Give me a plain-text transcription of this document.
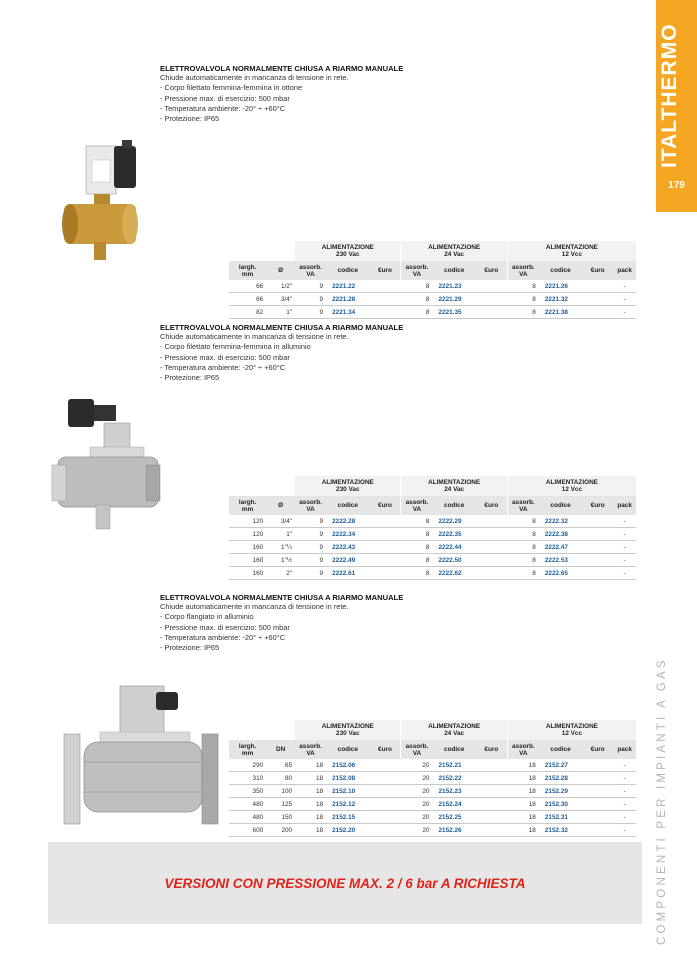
ITALTHERMO
179
COMPONENTI PER IMPIANTI A GAS
ELETTROVALVOLA NORMALMENTE CHIUSA A RIARMO MANUALE
Chiude automaticamente in mancanza di tensione in rete.
- Corpo filettato femmina-femmina in ottone
- Pressione max. di esercizio: 500 mbar
- Temperatura ambiente: -20° ÷ +60°C
- Protezione: IP65
		ALIMENTAZIONE
230 Vac			ALIMENTAZIONE
24 Vac			ALIMENTAZIONE
12 Vcc			
largh.
mm	Ø	assorb.
VA	codice	€uro	assorb.
VA	codice	€uro	assorb.
VA	codice	€uro	pack
66	1/2"	9	2221.22		8	2221.23		8	2221.26		-
66	3/4"	9	2221.28		8	2221.29		8	2221.32		-
82	1"	9	2221.34		8	2221.35		8	2221.38		-
ELETTROVALVOLA NORMALMENTE CHIUSA A RIARMO MANUALE
Chiude automaticamente in mancanza di tensione in rete.
- Corpo filettato femmina-femmina in alluminio
- Pressione max. di esercizio: 500 mbar
- Temperatura ambiente: -20° ÷ +60°C
- Protezione: IP65
		ALIMENTAZIONE
230 Vac			ALIMENTAZIONE
24 Vac			ALIMENTAZIONE
12 Vcc			
largh.
mm	Ø	assorb.
VA	codice	€uro	assorb.
VA	codice	€uro	assorb.
VA	codice	€uro	pack
120	3/4"	9	2222.28		8	2222.29		8	2222.32		-
120	1"	9	2222.34		8	2222.35		8	2222.38		-
160	1"¼	9	2222.43		8	2222.44		8	2222.47		-
160	1"½	9	2222.49		8	2222.50		8	2222.53		-
160	2"	9	2222.61		8	2222.62		8	2222.65		-
ELETTROVALVOLA NORMALMENTE CHIUSA A RIARMO MANUALE
Chiude automaticamente in mancanza di tensione in rete.
- Corpo flangiato in alluminio
- Pressione max. di esercizio: 500 mbar
- Temperatura ambiente: -20° ÷ +60°C
- Protezione: IP65
		ALIMENTAZIONE
230 Vac			ALIMENTAZIONE
24 Vac			ALIMENTAZIONE
12 Vcc			
largh.
mm	DN	assorb.
VA	codice	€uro	assorb.
VA	codice	€uro	assorb.
VA	codice	€uro	pack
290	65	18	2152.06		20	2152.21		18	2152.27		-
310	80	18	2152.08		20	2152.22		18	2152.28		-
350	100	18	2152.10		20	2152.23		18	2152.29		-
480	125	18	2152.12		20	2152.24		18	2152.30		-
480	150	18	2152.15		20	2152.25		18	2152.31		-
600	200	18	2152.20		20	2152.26		18	2152.32		-
VERSIONI CON PRESSIONE MAX. 2 / 6 bar A RICHIESTA
